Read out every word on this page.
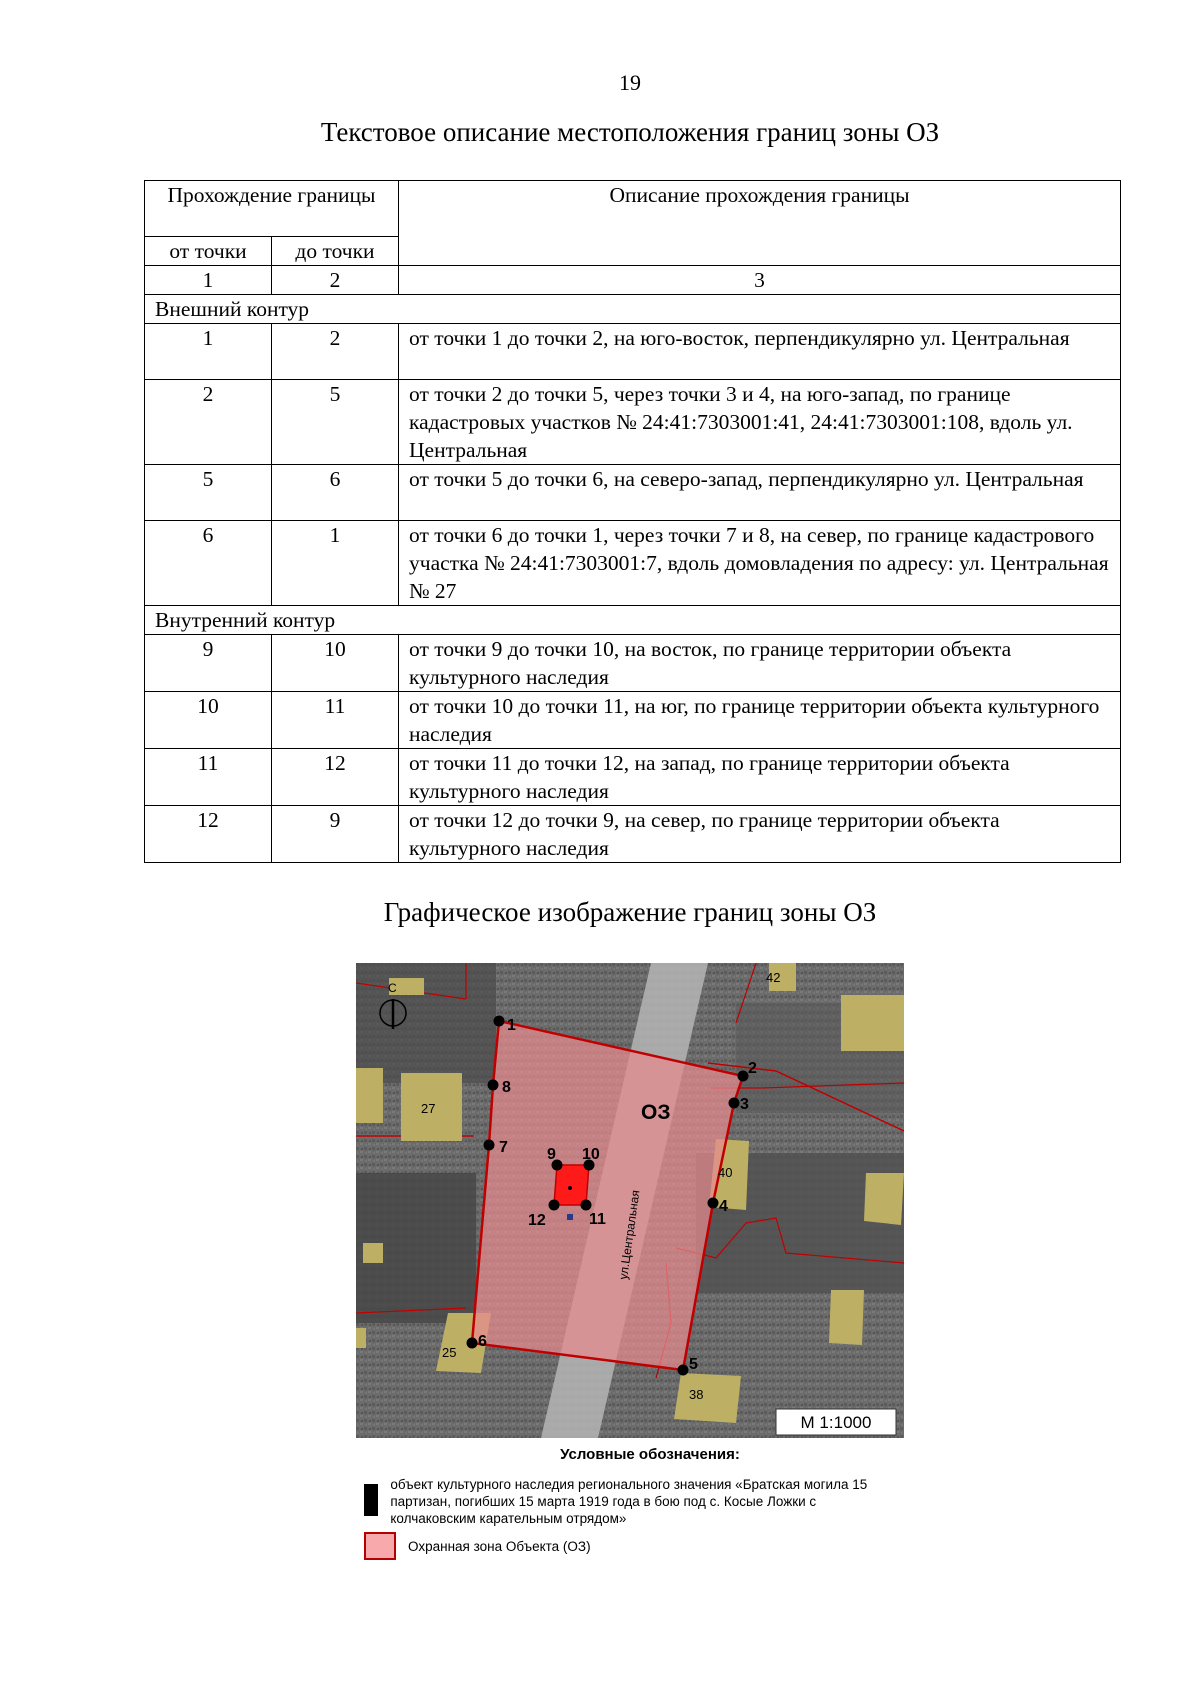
19
Текстовое описание местоположения границ зоны ОЗ
Прохождение границы		Описание прохождения границы
от точки	до точки	
1	2	3
Внешний контур		
1	2	от точки 1 до точки 2, на юго-восток, перпендикулярно ул. Центральная
2	5	от точки 2 до точки 5, через точки 3 и 4, на юго-запад, по границе кадастровых участков № 24:41:7303001:41, 24:41:7303001:108, вдоль ул. Центральная
5	6	от точки 5 до точки 6, на северо-запад, перпендикулярно ул. Центральная
6	1	от точки 6 до точки 1, через точки 7 и 8, на север, по границе кадастрового участка № 24:41:7303001:7, вдоль домовладения по адресу: ул. Центральная № 27
Внутренний контур		
9	10	от точки 9 до точки 10, на восток, по границе территории объекта культурного наследия
10	11	от точки 10 до точки 11, на юг, по границе территории объекта культурного наследия
11	12	от точки 11 до точки 12, на запад, по границе территории объекта культурного наследия
12	9	от точки 12 до точки 9, на север, по границе территории объекта культурного наследия
Графическое изображение границ зоны ОЗ
1
2
3
4
5
6
7
8
9 10
11
12
ОЗ
ул.Центральная
27
40
25
38
42
С
М 1:1000
Условные обозначения:
объект культурного наследия регионального значения «Братская могила 15 партизан, погибших 15 марта 1919 года в бою под с. Косые Ложки с колчаковским карательным отрядом»
Охранная зона Объекта (ОЗ)
